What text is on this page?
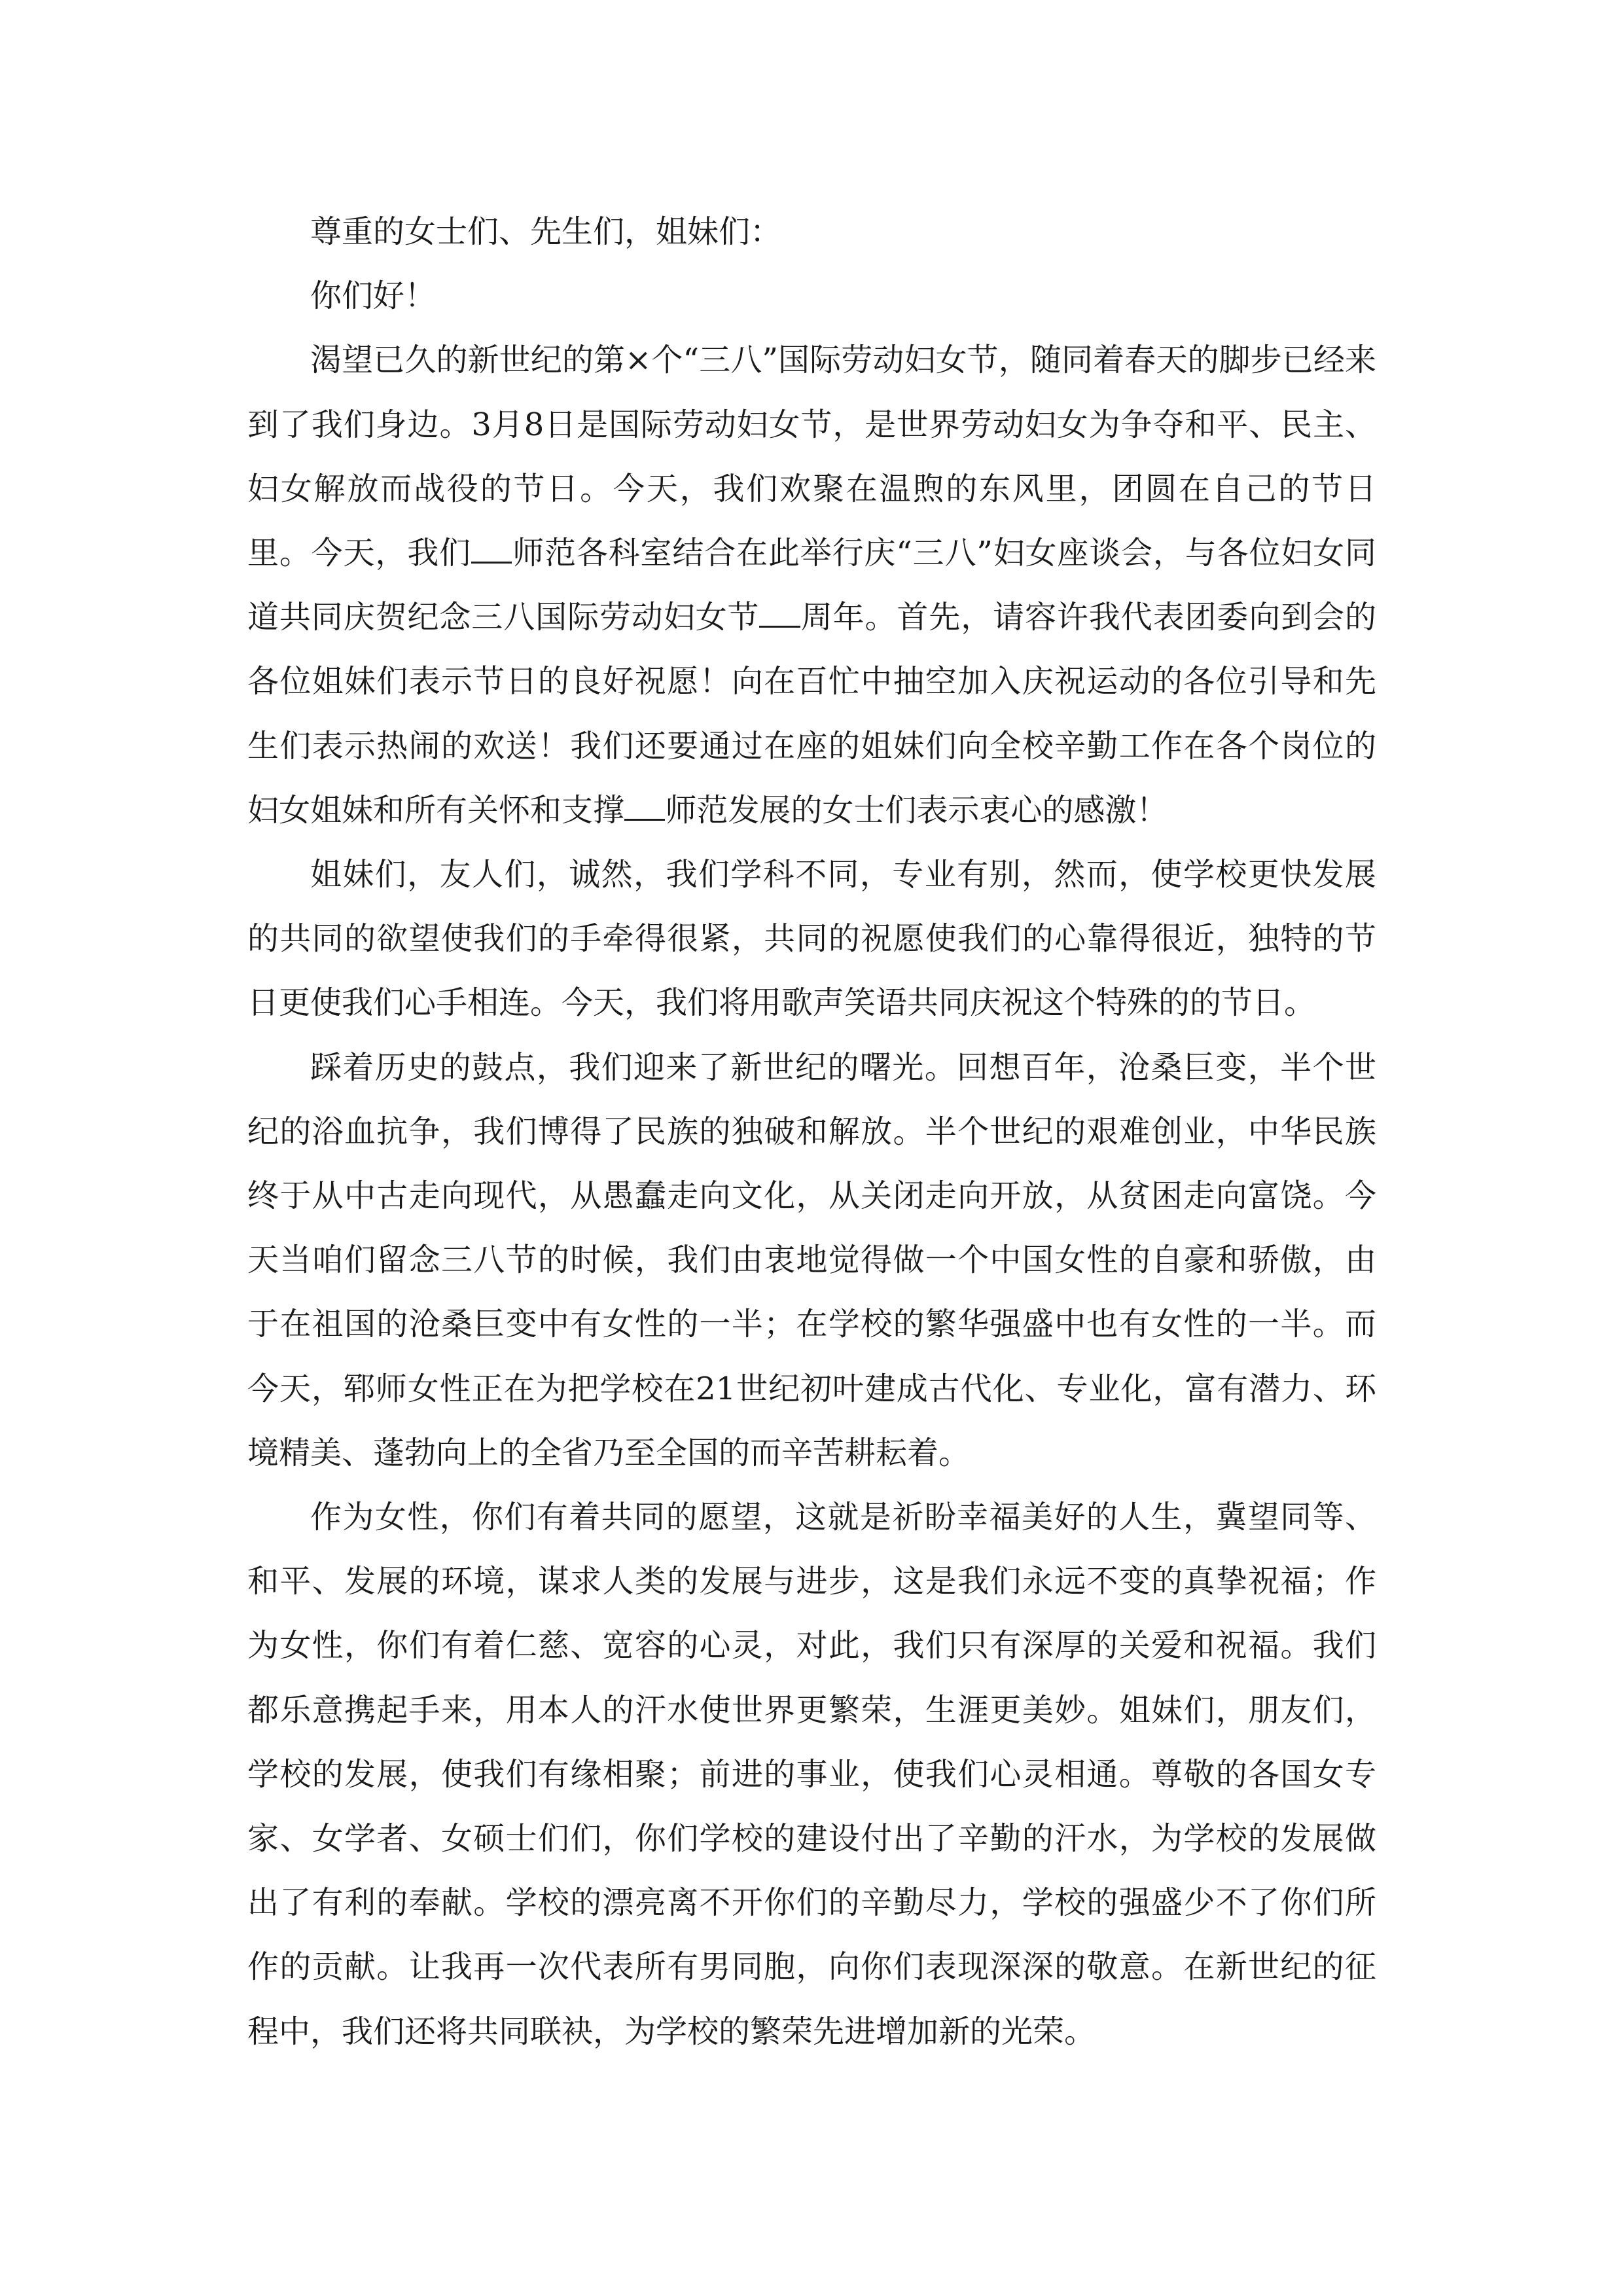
尊重的女士们、先生们，姐妹们：

你们好！

渴望已久的新世纪的第×个“三八”国际劳动妇女节，随同着春天的脚步已经来到了我们身边。3月8日是国际劳动妇女节，是世界劳动妇女为争夺和平、民主、妇女解放而战役的节日。今天，我们欢聚在温煦的东风里，团圆在自己的节日里。今天，我们 师范各科室结合在此举行庆“三八”妇女座谈会，与各位妇女同道共同庆贺纪念三八国际劳动妇女节 周年。首先，请容许我代表团委向到会的各位姐妹们表示节日的良好祝愿！向在百忙中抽空加入庆祝运动的各位引导和先生们表示热闹的欢送！我们还要通过在座的姐妹们向全校辛勤工作在各个岗位的妇女姐妹和所有关怀和支撑 师范发展的女士们表示衷心的感激！

姐妹们，友人们，诚然，我们学科不同，专业有别，然而，使学校更快发展的共同的欲望使我们的手牵得很紧，共同的祝愿使我们的心靠得很近，独特的节日更使我们心手相连。今天，我们将用歌声笑语共同庆祝这个特殊的的节日。

踩着历史的鼓点，我们迎来了新世纪的曙光。回想百年，沧桑巨变，半个世纪的浴血抗争，我们博得了民族的独破和解放。半个世纪的艰难创业，中华民族终于从中古走向现代，从愚蠢走向文化，从关闭走向开放，从贫困走向富饶。今天当咱们留念三八节的时候，我们由衷地觉得做一个中国女性的自豪和骄傲，由于在祖国的沧桑巨变中有女性的一半；在学校的繁华强盛中也有女性的一半。而今天，郓师女性正在为把学校在21世纪初叶建成古代化、专业化，富有潜力、环境精美、蓬勃向上的全省乃至全国的而辛苦耕耘着。

作为女性，你们有着共同的愿望，这就是祈盼幸福美好的人生，冀望同等、和平、发展的环境，谋求人类的发展与进步，这是我们永远不变的真挚祝福；作为女性，你们有着仁慈、宽容的心灵，对此，我们只有深厚的关爱和祝福。我们都乐意携起手来，用本人的汗水使世界更繁荣，生涯更美妙。姐妹们，朋友们，学校的发展，使我们有缘相聚；前进的事业，使我们心灵相通。尊敬的各国女专家、女学者、女硕士们们，你们学校的建设付出了辛勤的汗水，为学校的发展做出了有利的奉献。学校的漂亮离不开你们的辛勤尽力，学校的强盛少不了你们所作的贡献。让我再一次代表所有男同胞，向你们表现深深的敬意。在新世纪的征程中，我们还将共同联袂，为学校的繁荣先进增加新的光荣。
